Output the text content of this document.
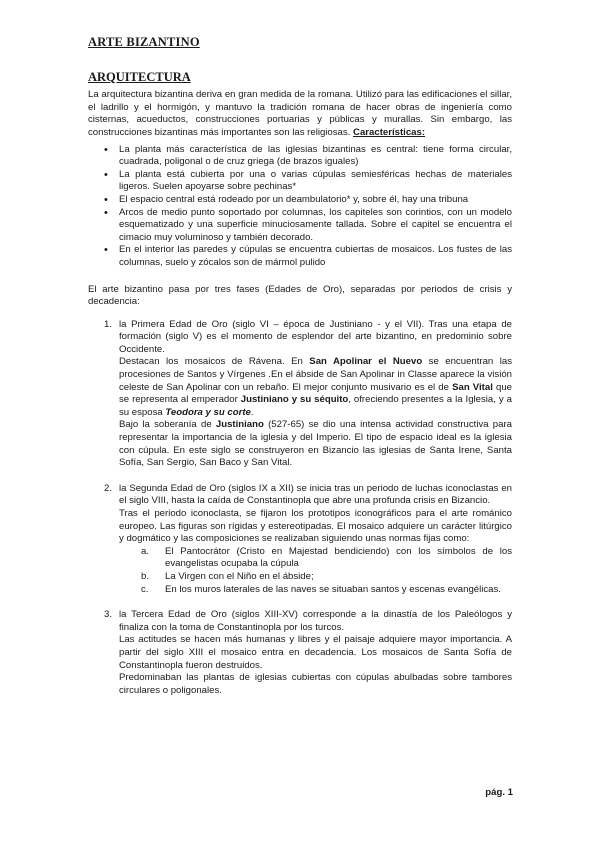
ARTE BIZANTINO
ARQUITECTURA

La arquitectura bizantina deriva en gran medida de la romana. Utilizó para las edificaciones el sillar, el ladrillo y el hormigón, y mantuvo la tradición romana de hacer obras de ingeniería como cisternas, acueductos, construcciones portuarias y públicas y murallas. Sin embargo, las construcciones bizantinas más importantes son las religiosas. Características:

• La planta más característica de las iglesias bizantinas es central: tiene forma circular, cuadrada, poligonal o de cruz griega (de brazos iguales)
• La planta está cubierta por una o varias cúpulas semiesféricas hechas de materiales ligeros. Suelen apoyarse sobre pechinas*
• El espacio central está rodeado por un deambulatorio* y, sobre él, hay una tribuna
• Arcos de medio punto soportado por columnas, los capiteles son corintios, con un modelo esquematizado y una superficie minuciosamente tallada. Sobre el capitel se encuentra el cimacio muy voluminoso y también decorado.
• En el interior las paredes y cúpulas se encuentra cubiertas de mosaicos. Los fustes de las columnas, suelo y zócalos son de mármol pulido

El arte bizantino pasa por tres fases (Edades de Oro), separadas por periodos de crisis y decadencia:

1. la Primera Edad de Oro (siglo VI – época de Justiniano - y el VII). Tras una etapa de formación (siglo V) es el momento de esplendor del arte bizantino, en predominio sobre Occidente.

Destacan los mosaicos de Rávena. En San Apolinar el Nuevo se encuentran las procesiones de Santos y Vírgenes .En el ábside de San Apolinar in Classe aparece la visión celeste de San Apolinar con un rebaño. El mejor conjunto musivario es el de San Vital que se representa al emperador Justiniano y su séquito, ofreciendo presentes a la Iglesia, y a su esposa Teodora y su corte.

Bajo la soberanía de Justiniano (527-65) se dio una intensa actividad constructiva para representar la importancia de la iglesia y del Imperio. El tipo de espacio ideal es la iglesia con cúpula. En este siglo se construyeron en Bizancio las iglesias de Santa Irene, Santa Sofía, San Sergio, San Baco y San Vital.

2. la Segunda Edad de Oro (siglos IX a XII) se inicia tras un periodo de luchas iconoclastas en el siglo VIII, hasta la caída de Constantinopla que abre una profunda crisis en Bizancio.

Tras el periodo iconoclasta, se fijaron los prototipos iconográficos para el arte románico europeo. Las figuras son rígidas y estereotipadas. El mosaico adquiere un carácter litúrgico y dogmático y las composiciones se realizaban siguiendo unas normas fijas como:

a. El Pantocrátor (Cristo en Majestad bendiciendo) con los símbolos de los evangelistas ocupaba la cúpula
b. La Virgen con el Niño en el ábside;
c. En los muros laterales de las naves se situaban santos y escenas evangélicas.
3. la Tercera Edad de Oro (siglos XIII-XV) corresponde a la dinastía de los Paleólogos y finaliza con la toma de Constantinopla por los turcos.

Las actitudes se hacen más humanas y libres y el paisaje adquiere mayor importancia. A partir del siglo XIII el mosaico entra en decadencia. Los mosaicos de Santa Sofía de Constantinopla fueron destruidos.

Predominaban las plantas de iglesias cubiertas con cúpulas abulbadas sobre tambores circulares o poligonales.

pág. 1
